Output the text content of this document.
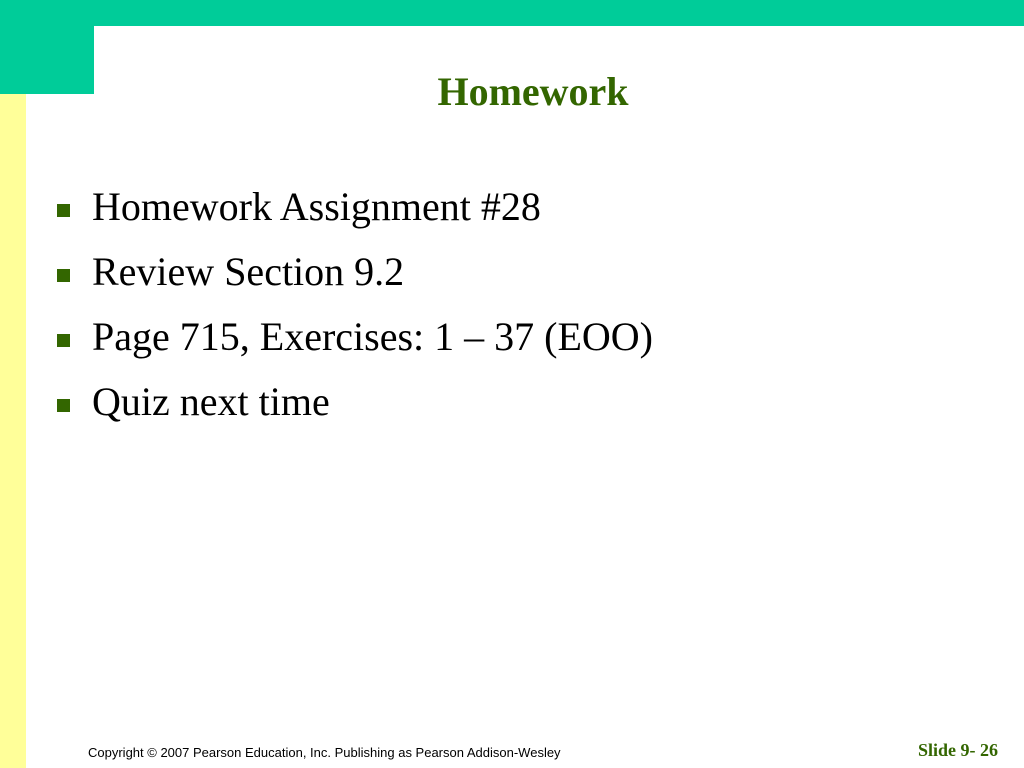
Homework
Homework Assignment #28
Review Section 9.2
Page 715, Exercises: 1 – 37 (EOO)
Quiz next time
Copyright © 2007 Pearson Education, Inc. Publishing as Pearson Addison-Wesley	Slide 9- 26
